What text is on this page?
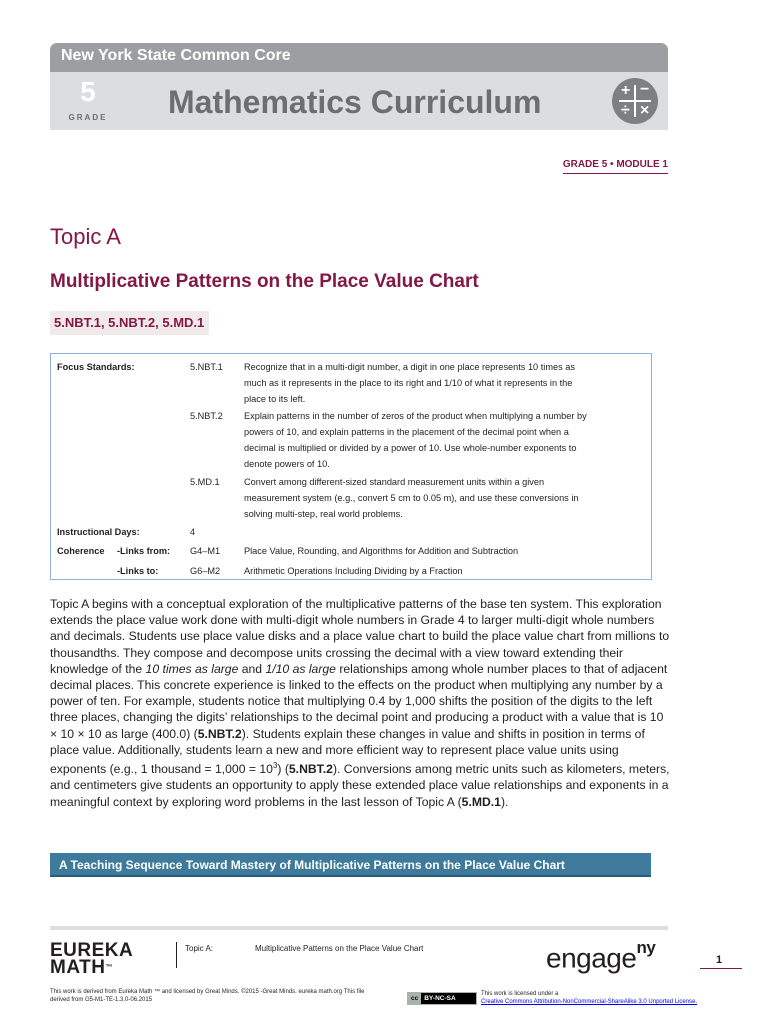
New York State Common Core
5
GRADE	Mathematics Curriculum	+ −
÷ ×
GRADE 5 • MODULE 1
Topic A
Multiplicative Patterns on the Place Value Chart
5.NBT.1, 5.NBT.2, 5.MD.1
Focus Standards:	5.NBT.1 Recognize that in a multi-digit number, a digit in one place represents 10 times as
much as it represents in the place to its right and 1/10 of what it represents in the
place to its left.
5.NBT.2 Explain patterns in the number of zeros of the product when multiplying a number by
powers of 10, and explain patterns in the placement of the decimal point when a
decimal is multiplied or divided by a power of 10. Use whole-number exponents to
denote powers of 10.
5.MD.1	Convert among different-sized standard measurement units within a given
measurement system (e.g., convert 5 cm to 0.05 m), and use these conversions in
solving multi-step, real world problems.
Instructional Days:	4
Coherence -Links from: G4–M1	Place Value, Rounding, and Algorithms for Addition and Subtraction
-Links to:	G6–M2	Arithmetic Operations Including Dividing by a Fraction
Topic A begins with a conceptual exploration of the multiplicative patterns of the base ten system. This exploration extends the place value work done with multi-digit whole numbers in Grade 4 to larger multi-digit whole numbers and decimals. Students use place value disks and a place value chart to build the place value chart from millions to thousandths. They compose and decompose units crossing the decimal with a view toward extending their knowledge of the 10 times as large and 1/10 as large relationships among whole number places to that of adjacent decimal places. This concrete experience is linked to the effects on the product when multiplying any number by a power of ten. For example, students notice that multiplying 0.4 by 1,000 shifts the position of the digits to the left three places, changing the digits’ relationships to the decimal point and producing a product with a value that is 10 × 10 × 10 as large (400.0) (5.NBT.2). Students explain these changes in value and shifts in position in terms of place value. Additionally, students learn a new and more efficient way to represent place value units using exponents (e.g., 1 thousand = $1,000 = 10^3$) (5.NBT.2). Conversions among metric units such as kilometers, meters, and centimeters give students an opportunity to apply these extended place value relationships and exponents in a meaningful context by exploring word problems in the last lesson of Topic A (5.MD.1).
A Teaching Sequence Toward Mastery of Multiplicative Patterns on the Place Value Chart
EUREKA
MATH™
Topic A:	Multiplicative Patterns on the Place Value Chart	engage$^{ny}$
1
This work is derived from Eureka Math ™ and licensed by Great Minds. ©2015 -Great Minds. eureka math.org This file derived from G5-M1-TE-1.3.0-06.2015	cc BY-NC-SA
This work is licensed under a
Creative Commons Attribution-NonCommercial-ShareAlike 3.0 Unported License.
